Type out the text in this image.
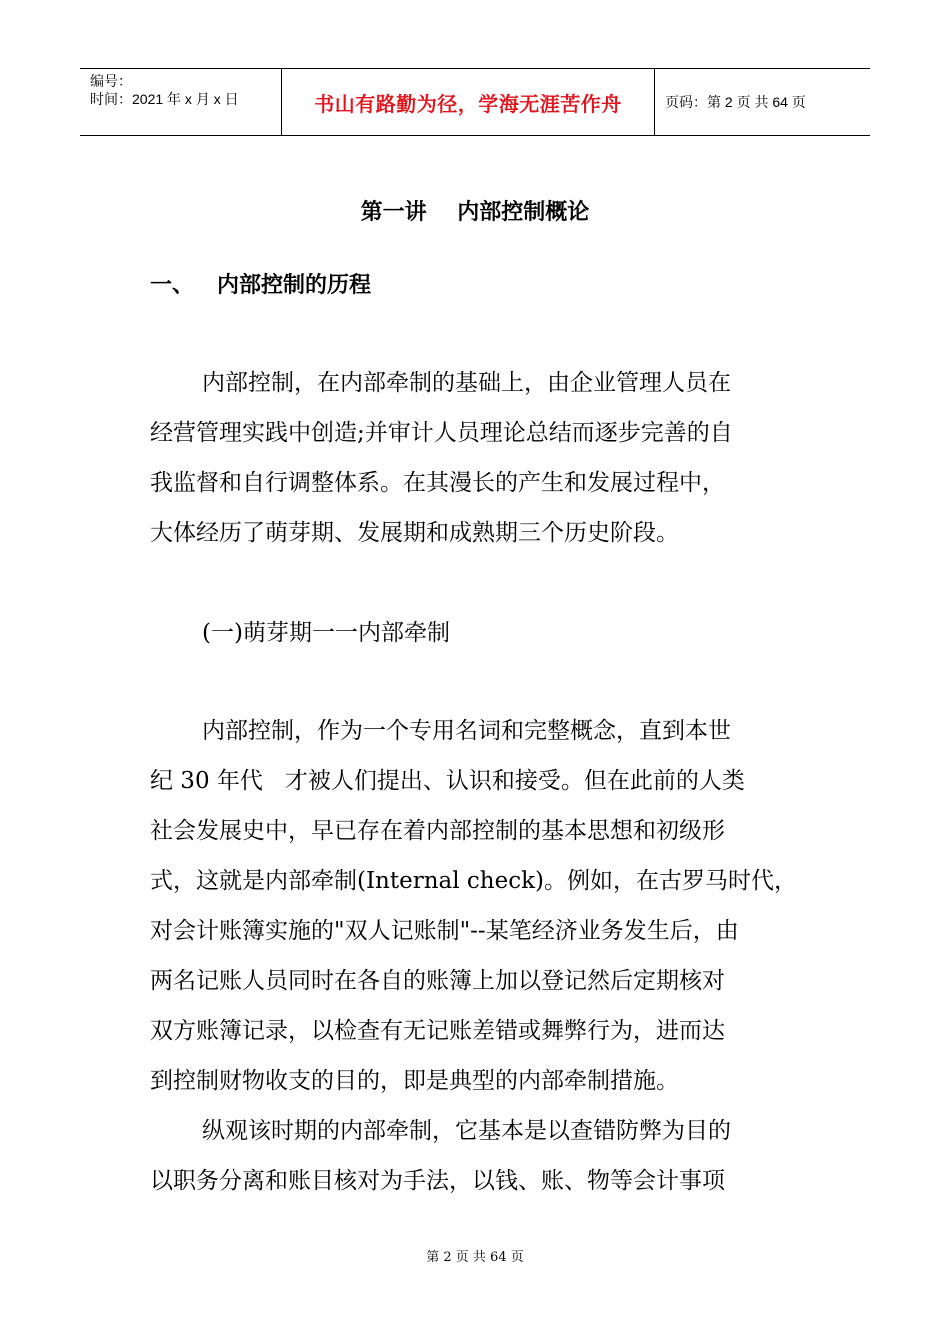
编号：
时间：2021 年 x 月 x 日	书山有路勤为径，学海无涯苦作舟	页码：第 2 页 共 64 页
第一讲    内部控制概论
一、   内部控制的历程
内部控制，在内部牵制的基础上，由企业管理人员在
经营管理实践中创造;并审计人员理论总结而逐步完善的自
我监督和自行调整体系。在其漫长的产生和发展过程中，
大体经历了萌芽期、发展期和成熟期三个历史阶段。
(一)萌芽期一一内部牵制
内部控制，作为一个专用名词和完整概念，直到本世
纪 30 年代   才被人们提出、认识和接受。但在此前的人类
社会发展史中，早已存在着内部控制的基本思想和初级形
式，这就是内部牵制(Internal check)。例如，在古罗马时代，
对会计账簿实施的"双人记账制"--某笔经济业务发生后，由
两名记账人员同时在各自的账簿上加以登记然后定期核对
双方账簿记录，以检查有无记账差错或舞弊行为，进而达
到控制财物收支的目的，即是典型的内部牵制措施。
纵观该时期的内部牵制，它基本是以查错防弊为目的
以职务分离和账目核对为手法，以钱、账、物等会计事项
第 2 页 共 64 页
